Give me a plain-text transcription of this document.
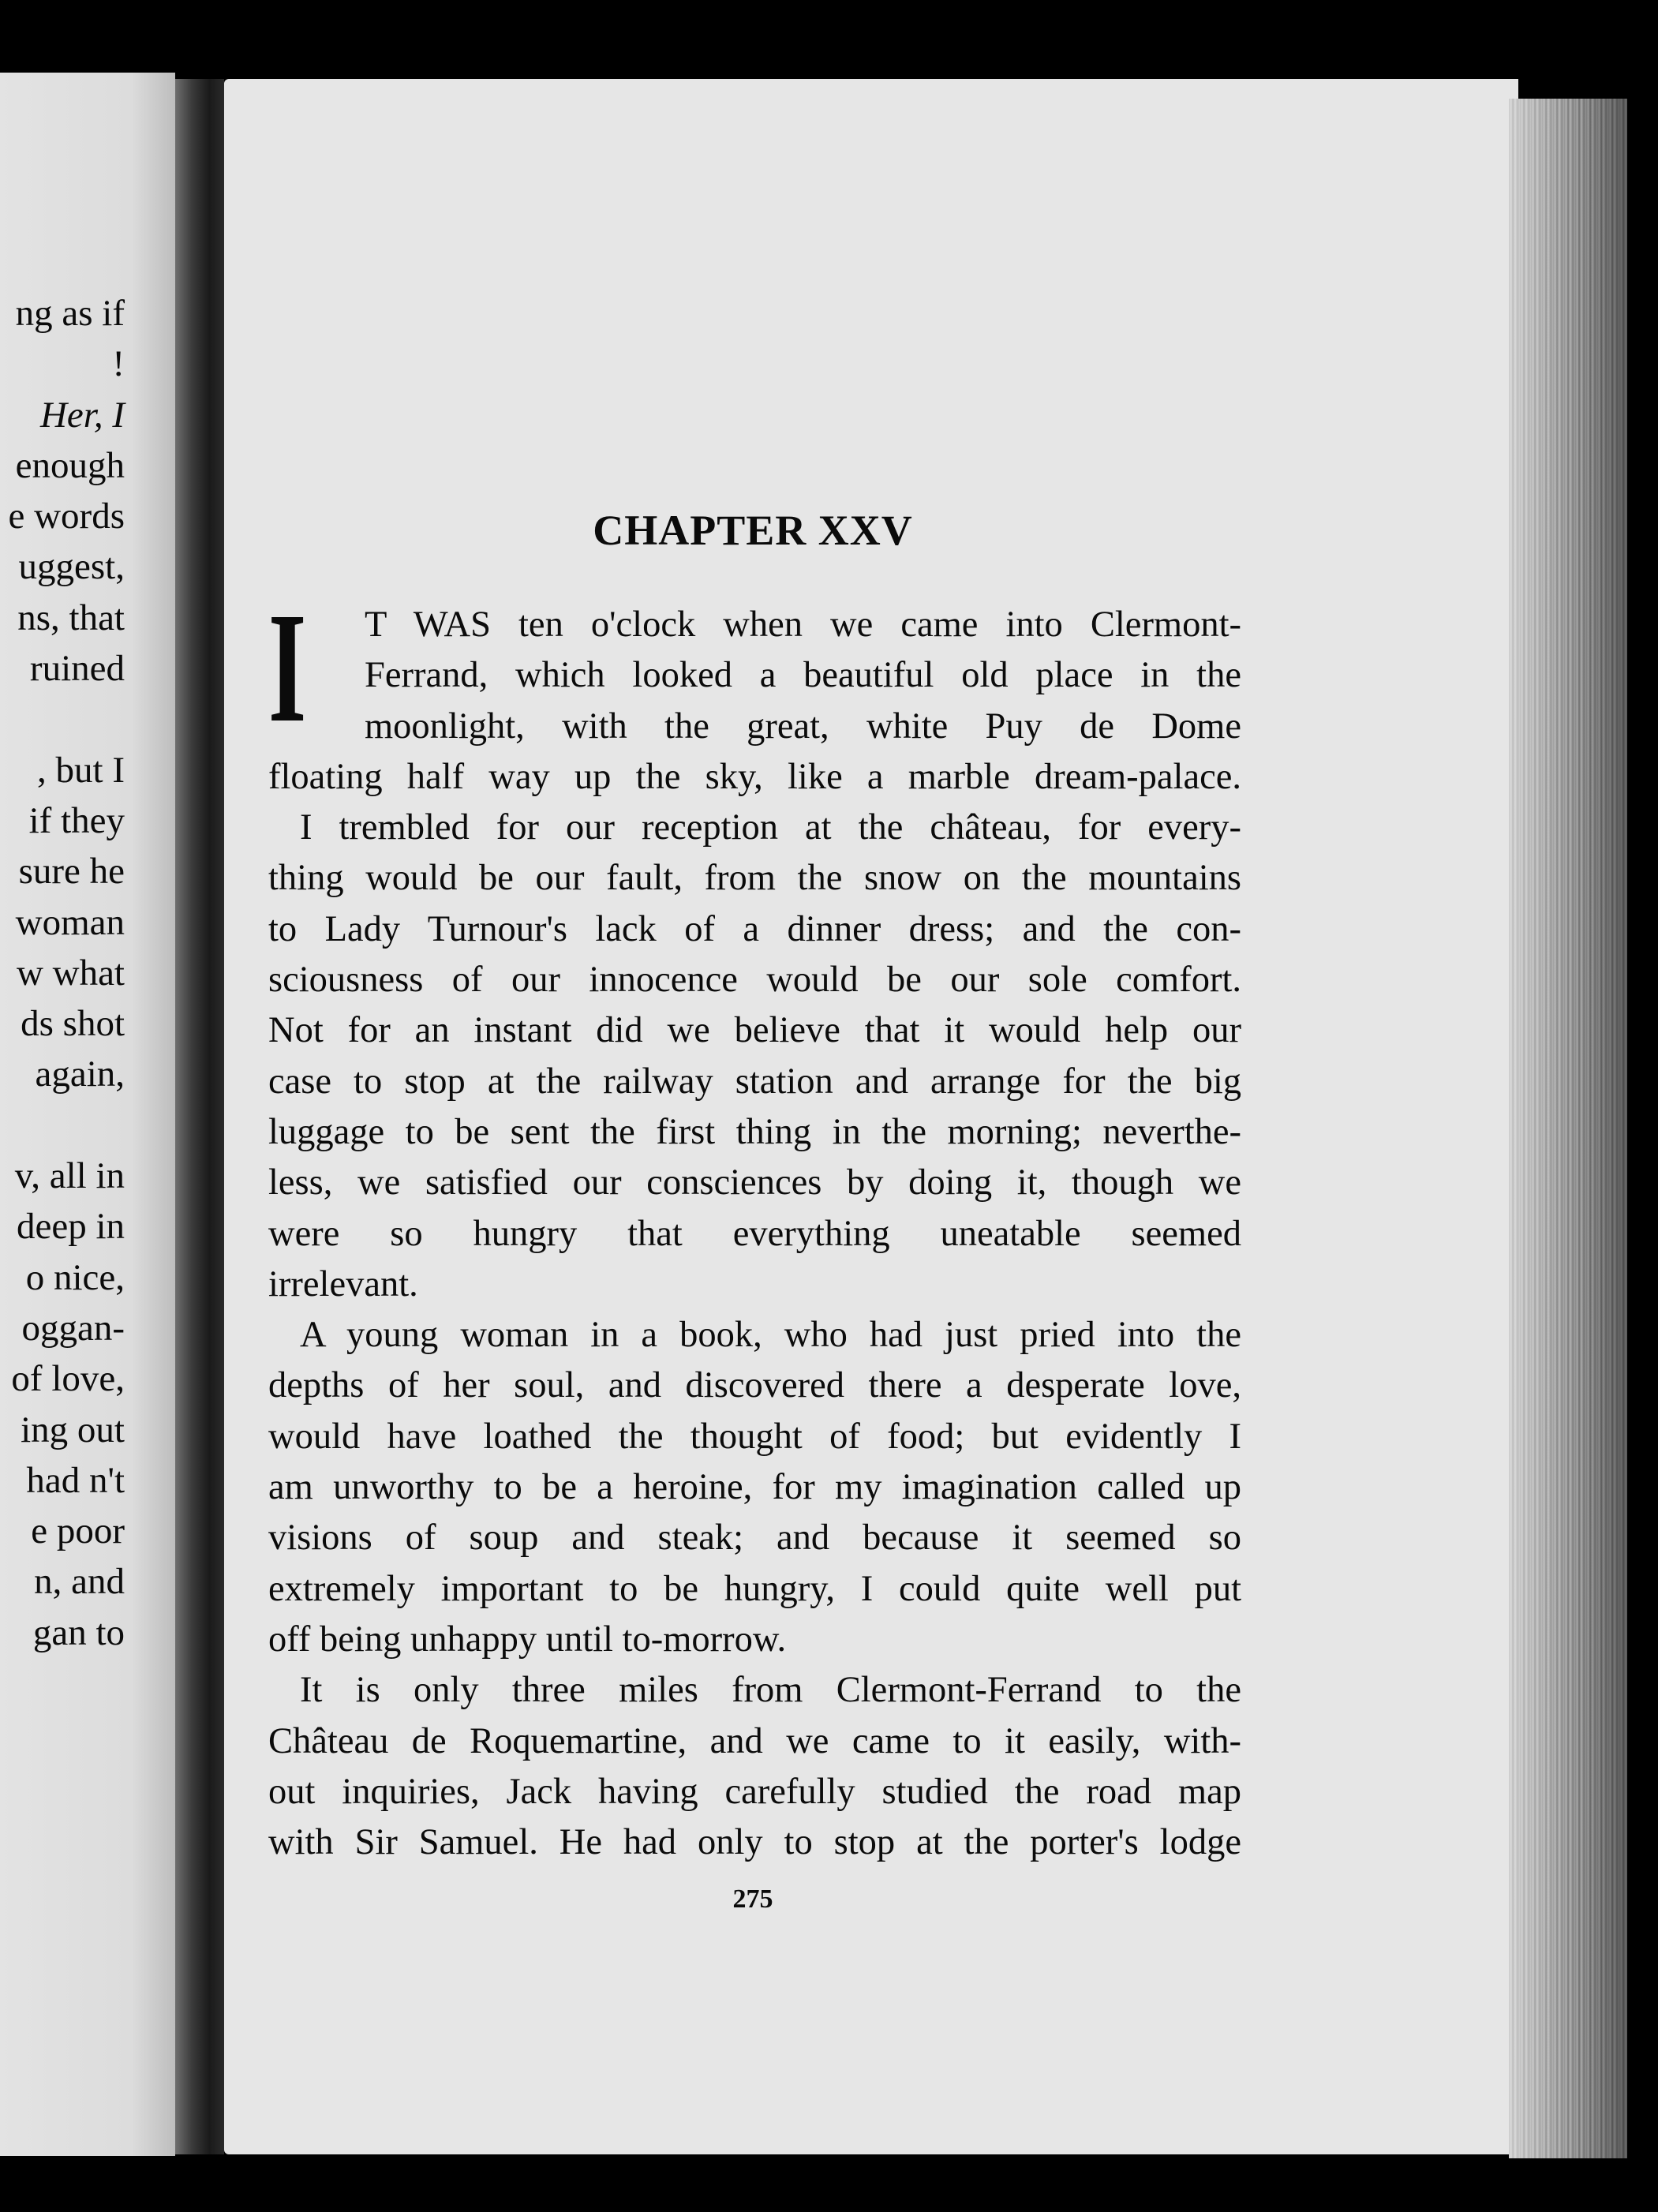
ng as if
!
Her, I
enough
e words
uggest,
ns, that
ruined
, but I
if they
sure he
woman
w what
ds shot
again,
v, all in
deep in
o nice,
oggan-
of love,
ing out
had n't
e poor
n, and
gan to
CHAPTER XXV
I	T WAS ten o'clock when we came into Clermont-
Ferrand, which looked a beautiful old place in the
moonlight, with the great, white Puy de Dome
floating half way up the sky, like a marble dream-palace.
I trembled for our reception at the château, for every-
thing would be our fault, from the snow on the mountains
to Lady Turnour's lack of a dinner dress; and the con-
sciousness of our innocence would be our sole comfort.
Not for an instant did we believe that it would help our
case to stop at the railway station and arrange for the big
luggage to be sent the first thing in the morning; neverthe-
less, we satisfied our consciences by doing it, though we
were so hungry that everything uneatable seemed
irrelevant.
A young woman in a book, who had just pried into the
depths of her soul, and discovered there a desperate love,
would have loathed the thought of food; but evidently I
am unworthy to be a heroine, for my imagination called up
visions of soup and steak; and because it seemed so
extremely important to be hungry, I could quite well put
off being unhappy until to-morrow.
It is only three miles from Clermont-Ferrand to the
Château de Roquemartine, and we came to it easily, with-
out inquiries, Jack having carefully studied the road map
with Sir Samuel. He had only to stop at the porter's lodge
275
